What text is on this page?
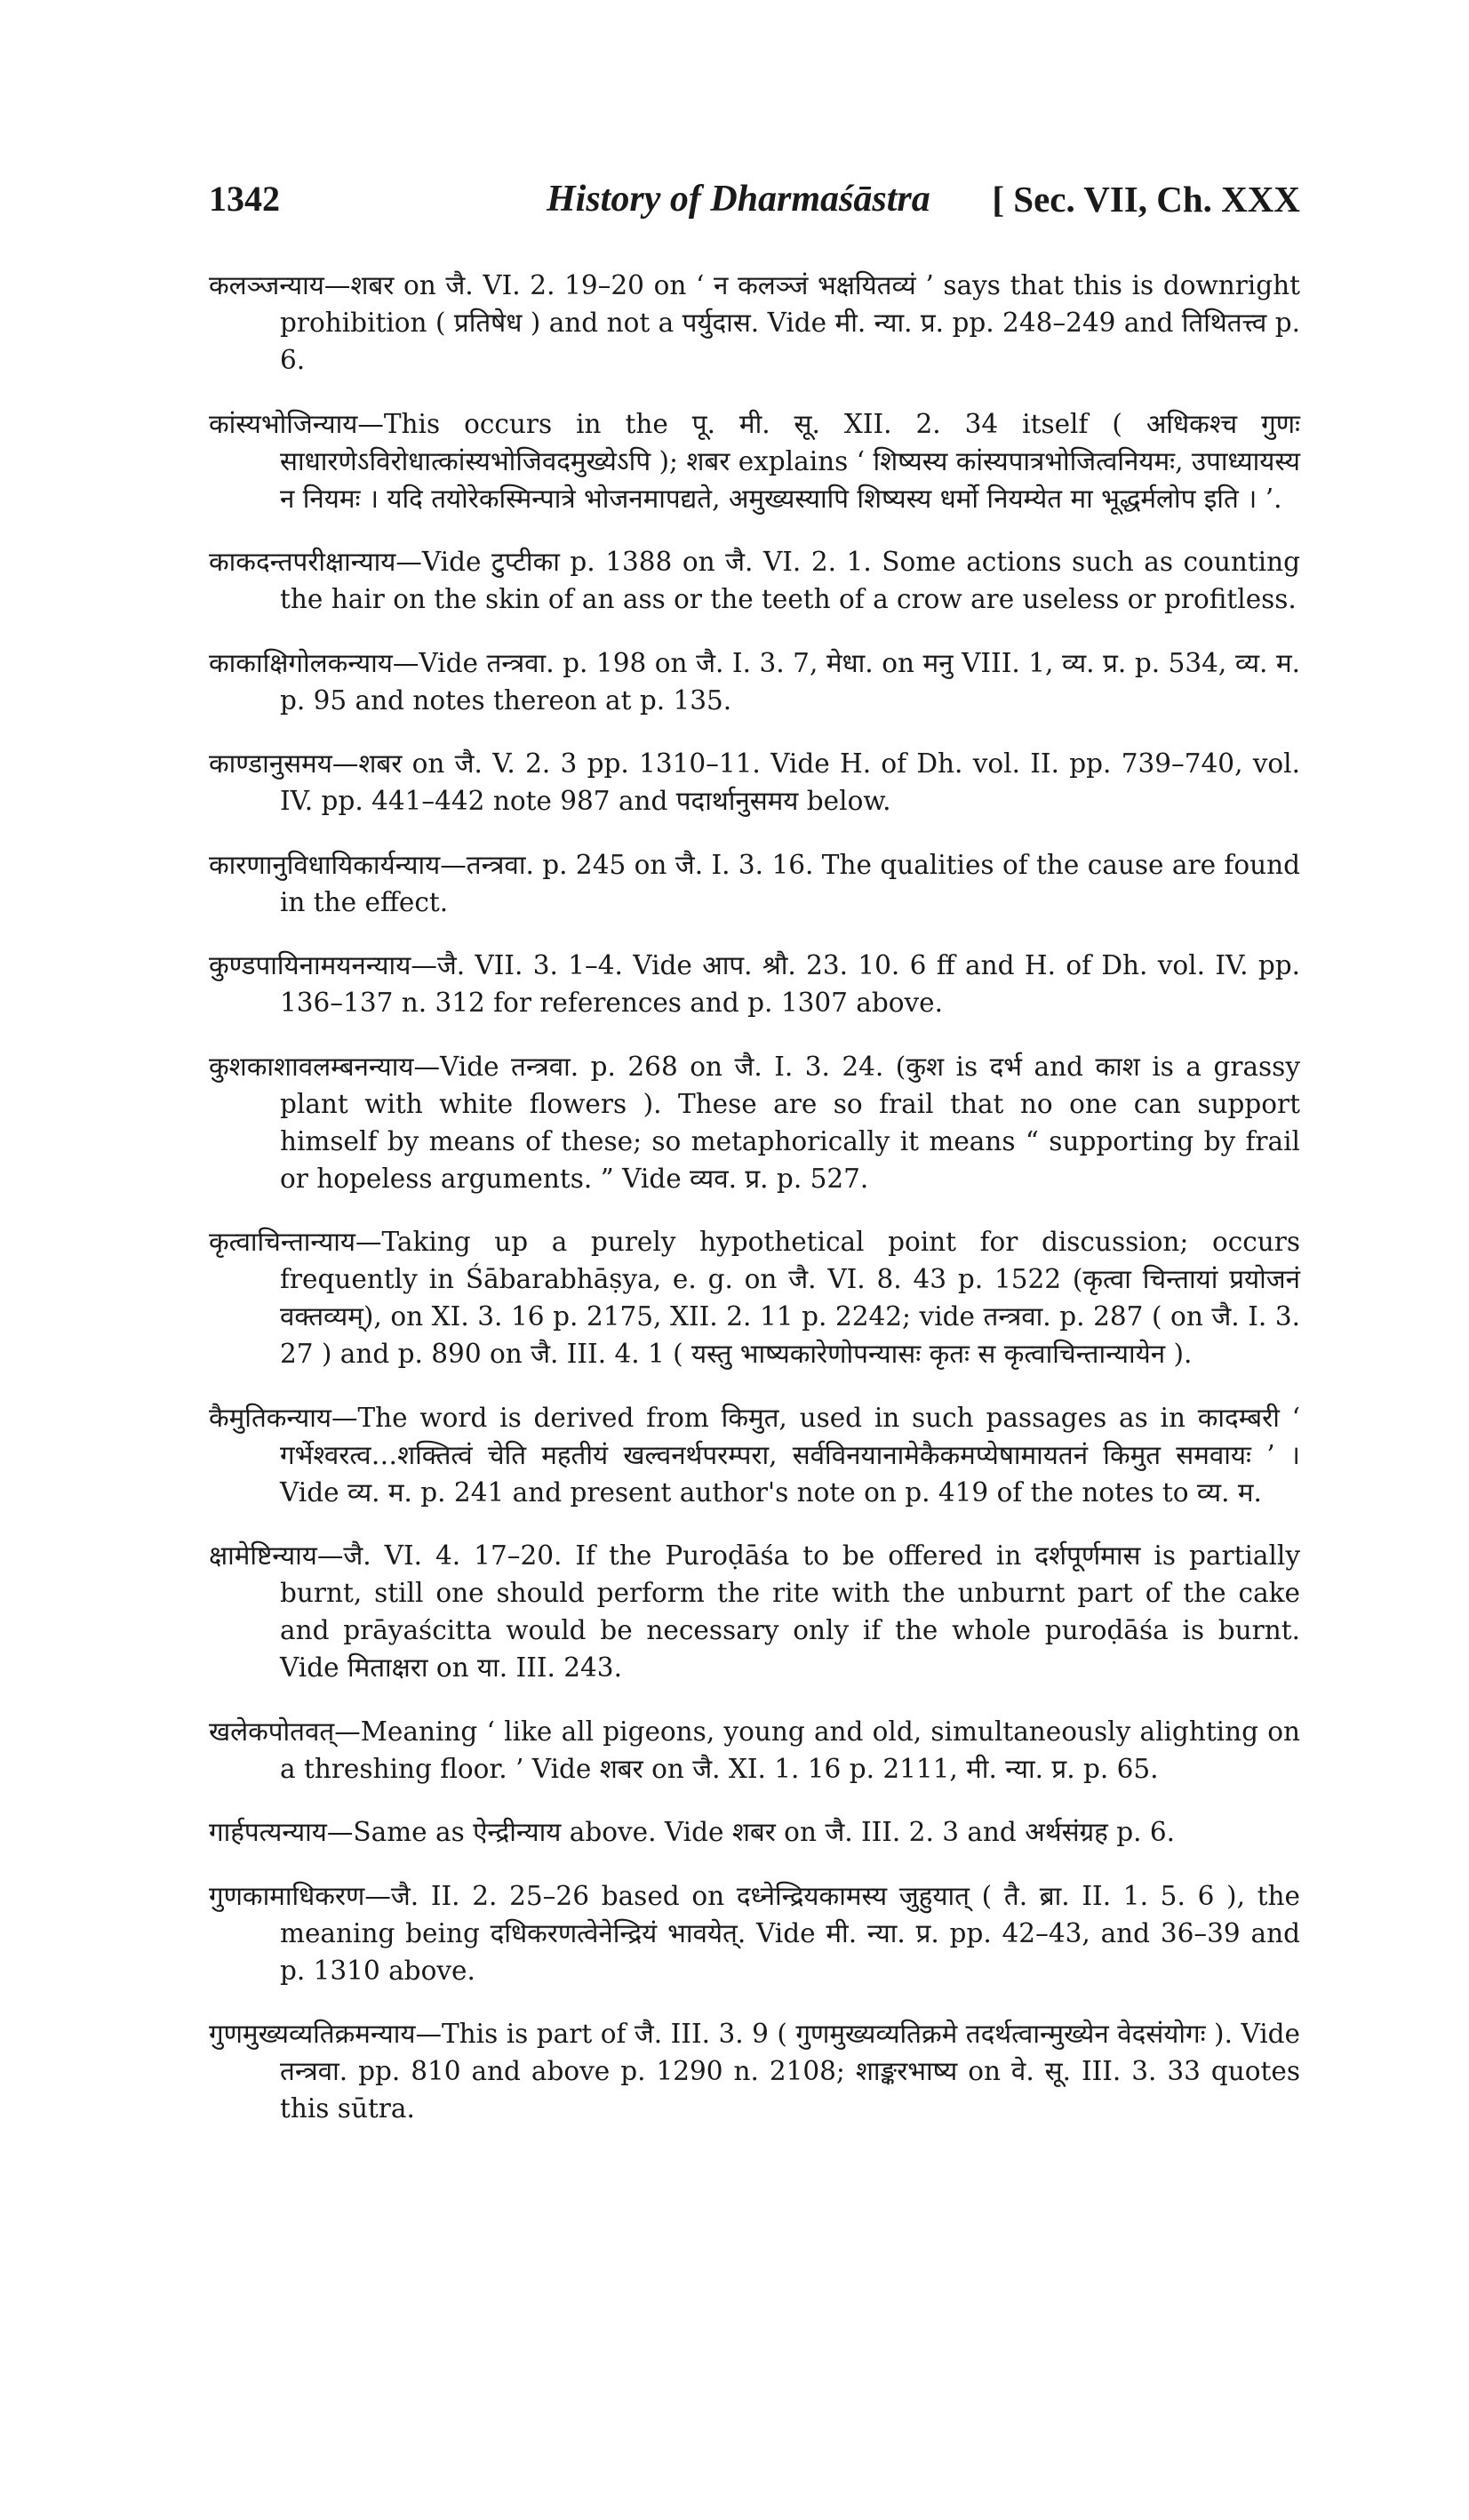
1342	History of Dharmaśāstra [ Sec. VII, Ch. XXX

कलञ्जन्याय—शबर on जै. VI. 2. 19–20 on ‘ न कलञ्जं भक्षयितव्यं ’ says that this is downright prohibition ( प्रतिषेध ) and not a पर्युदास. Vide मी. न्या. प्र. pp. 248–249 and तिथितत्त्व p. 6.

कांस्यभोजिन्याय—This occurs in the पू. मी. सू. XII. 2. 34 itself ( अधिकश्च गुणः साधारणेऽविरोधात्कांस्यभोजिवदमुख्येऽपि ); शबर explains ‘ शिष्यस्य कांस्यपात्रभोजित्वनियमः, उपाध्यायस्य न नियमः । यदि तयोरेकस्मिन्पात्रे भोजनमापद्यते, अमुख्यस्यापि शिष्यस्य धर्मो नियम्येत मा भूद्धर्मलोप इति । ’.

काकदन्तपरीक्षान्याय—Vide टुप्टीका p. 1388 on जै. VI. 2. 1. Some actions such as counting the hair on the skin of an ass or the teeth of a crow are useless or profitless.

काकाक्षिगोलकन्याय—Vide तन्त्रवा. p. 198 on जै. I. 3. 7, मेधा. on मनु VIII. 1, व्य. प्र. p. 534, व्य. म. p. 95 and notes thereon at p. 135.

काण्डानुसमय—शबर on जै. V. 2. 3 pp. 1310–11. Vide H. of Dh. vol. II. pp. 739–740, vol. IV. pp. 441–442 note 987 and पदार्थानुसमय below.

कारणानुविधायिकार्यन्याय—तन्त्रवा. p. 245 on जै. I. 3. 16. The qualities of the cause are found in the effect.

कुण्डपायिनामयनन्याय—जै. VII. 3. 1–4. Vide आप. श्रौ. 23. 10. 6 ff and H. of Dh. vol. IV. pp. 136–137 n. 312 for references and p. 1307 above.

कुशकाशावलम्बनन्याय—Vide तन्त्रवा. p. 268 on जै. I. 3. 24. (कुश is दर्भ and काश is a grassy plant with white flowers ). These are so frail that no one can support himself by means of these; so metaphorically it means “ supporting by frail or hopeless arguments. ” Vide व्यव. प्र. p. 527.

कृत्वाचिन्तान्याय—Taking up a purely hypothetical point for discussion; occurs frequently in Śābarabhāṣya, e. g. on जै. VI. 8. 43 p. 1522 (कृत्वा चिन्तायां प्रयोजनं वक्तव्यम्), on XI. 3. 16 p. 2175, XII. 2. 11 p. 2242; vide तन्त्रवा. p. 287 ( on जै. I. 3. 27 ) and p. 890 on जै. III. 4. 1 ( यस्तु भाष्यकारेणोपन्यासः कृतः स कृत्वाचिन्तान्यायेन ).

कैमुतिकन्याय—The word is derived from किमुत, used in such passages as in कादम्बरी ‘ गर्भेश्वरत्व…शक्तित्वं चेति महतीयं खल्वनर्थपरम्परा, सर्वविनयानामेकैकमप्येषामायतनं किमुत समवायः ’ । Vide व्य. म. p. 241 and present author's note on p. 419 of the notes to व्य. म.

क्षामेष्टिन्याय—जै. VI. 4. 17–20. If the Puroḍāśa to be offered in दर्शपूर्णमास is partially burnt, still one should perform the rite with the unburnt part of the cake and prāyaścitta would be necessary only if the whole puroḍāśa is burnt. Vide मिताक्षरा on या. III. 243.

खलेकपोतवत्—Meaning ‘ like all pigeons, young and old, simultaneously alighting on a threshing floor. ’ Vide शबर on जै. XI. 1. 16 p. 2111, मी. न्या. प्र. p. 65.

गार्हपत्यन्याय—Same as ऐन्द्रीन्याय above. Vide शबर on जै. III. 2. 3 and अर्थसंग्रह p. 6.

गुणकामाधिकरण—जै. II. 2. 25–26 based on दध्नेन्द्रियकामस्य जुहुयात् ( तै. ब्रा. II. 1. 5. 6 ), the meaning being दधिकरणत्वेनेन्द्रियं भावयेत्. Vide मी. न्या. प्र. pp. 42–43, and 36–39 and p. 1310 above.

गुणमुख्यव्यतिक्रमन्याय—This is part of जै. III. 3. 9 ( गुणमुख्यव्यतिक्रमे तदर्थत्वान्मुख्येन वेदसंयोगः ). Vide तन्त्रवा. pp. 810 and above p. 1290 n. 2108; शाङ्करभाष्य on वे. सू. III. 3. 33 quotes this sūtra.
